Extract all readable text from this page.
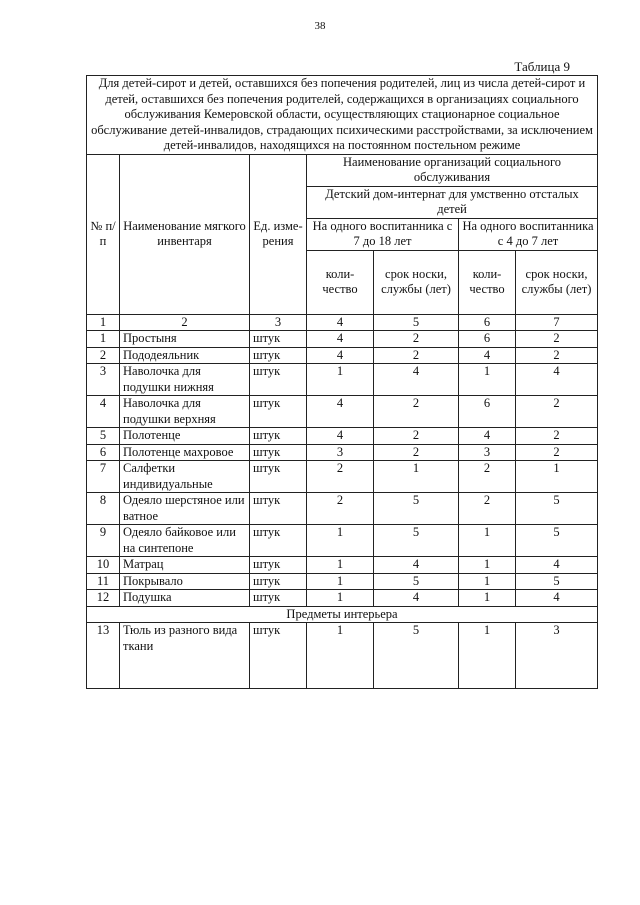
38
Таблица 9
Для детей-сирот и детей, оставшихся без попечения родителей, лиц из числа детей-сирот и детей, оставшихся без попечения родителей, содержащихся в организациях социального обслуживания Кемеровской области, осуществляющих стационарное социальное обслуживание детей-инвалидов, страдающих психическими расстройствами, за исключением детей-инвалидов, находящихся на постоянном постельном режиме						
№ п/п	Наименование мягкого инвентаря	Ед. изме-рения	Наименование организаций социального обслуживания			
			Детский дом-интернат для умственно отсталых детей			
			На одного воспитанника с 7 до 18 лет		На одного воспитанника с 4 до 7 лет	
			коли-чество	срок носки, службы (лет)	коли-чество	срок носки, службы (лет)
1	2	3	4	5	6	7
1	Простыня	штук	4	2	6	2
2	Пододеяльник	штук	4	2	4	2
3	Наволочка для подушки нижняя	штук	1	4	1	4
4	Наволочка для подушки верхняя	штук	4	2	6	2
5	Полотенце	штук	4	2	4	2
6	Полотенце махровое	штук	3	2	3	2
7	Салфетки индивидуальные	штук	2	1	2	1
8	Одеяло шерстяное или ватное	штук	2	5	2	5
9	Одеяло байковое или на синтепоне	штук	1	5	1	5
10	Матрац	штук	1	4	1	4
11	Покрывало	штук	1	5	1	5
12	Подушка	штук	1	4	1	4
Предметы интерьера						
13	Тюль из разного вида ткани	штук	1	5	1	3
